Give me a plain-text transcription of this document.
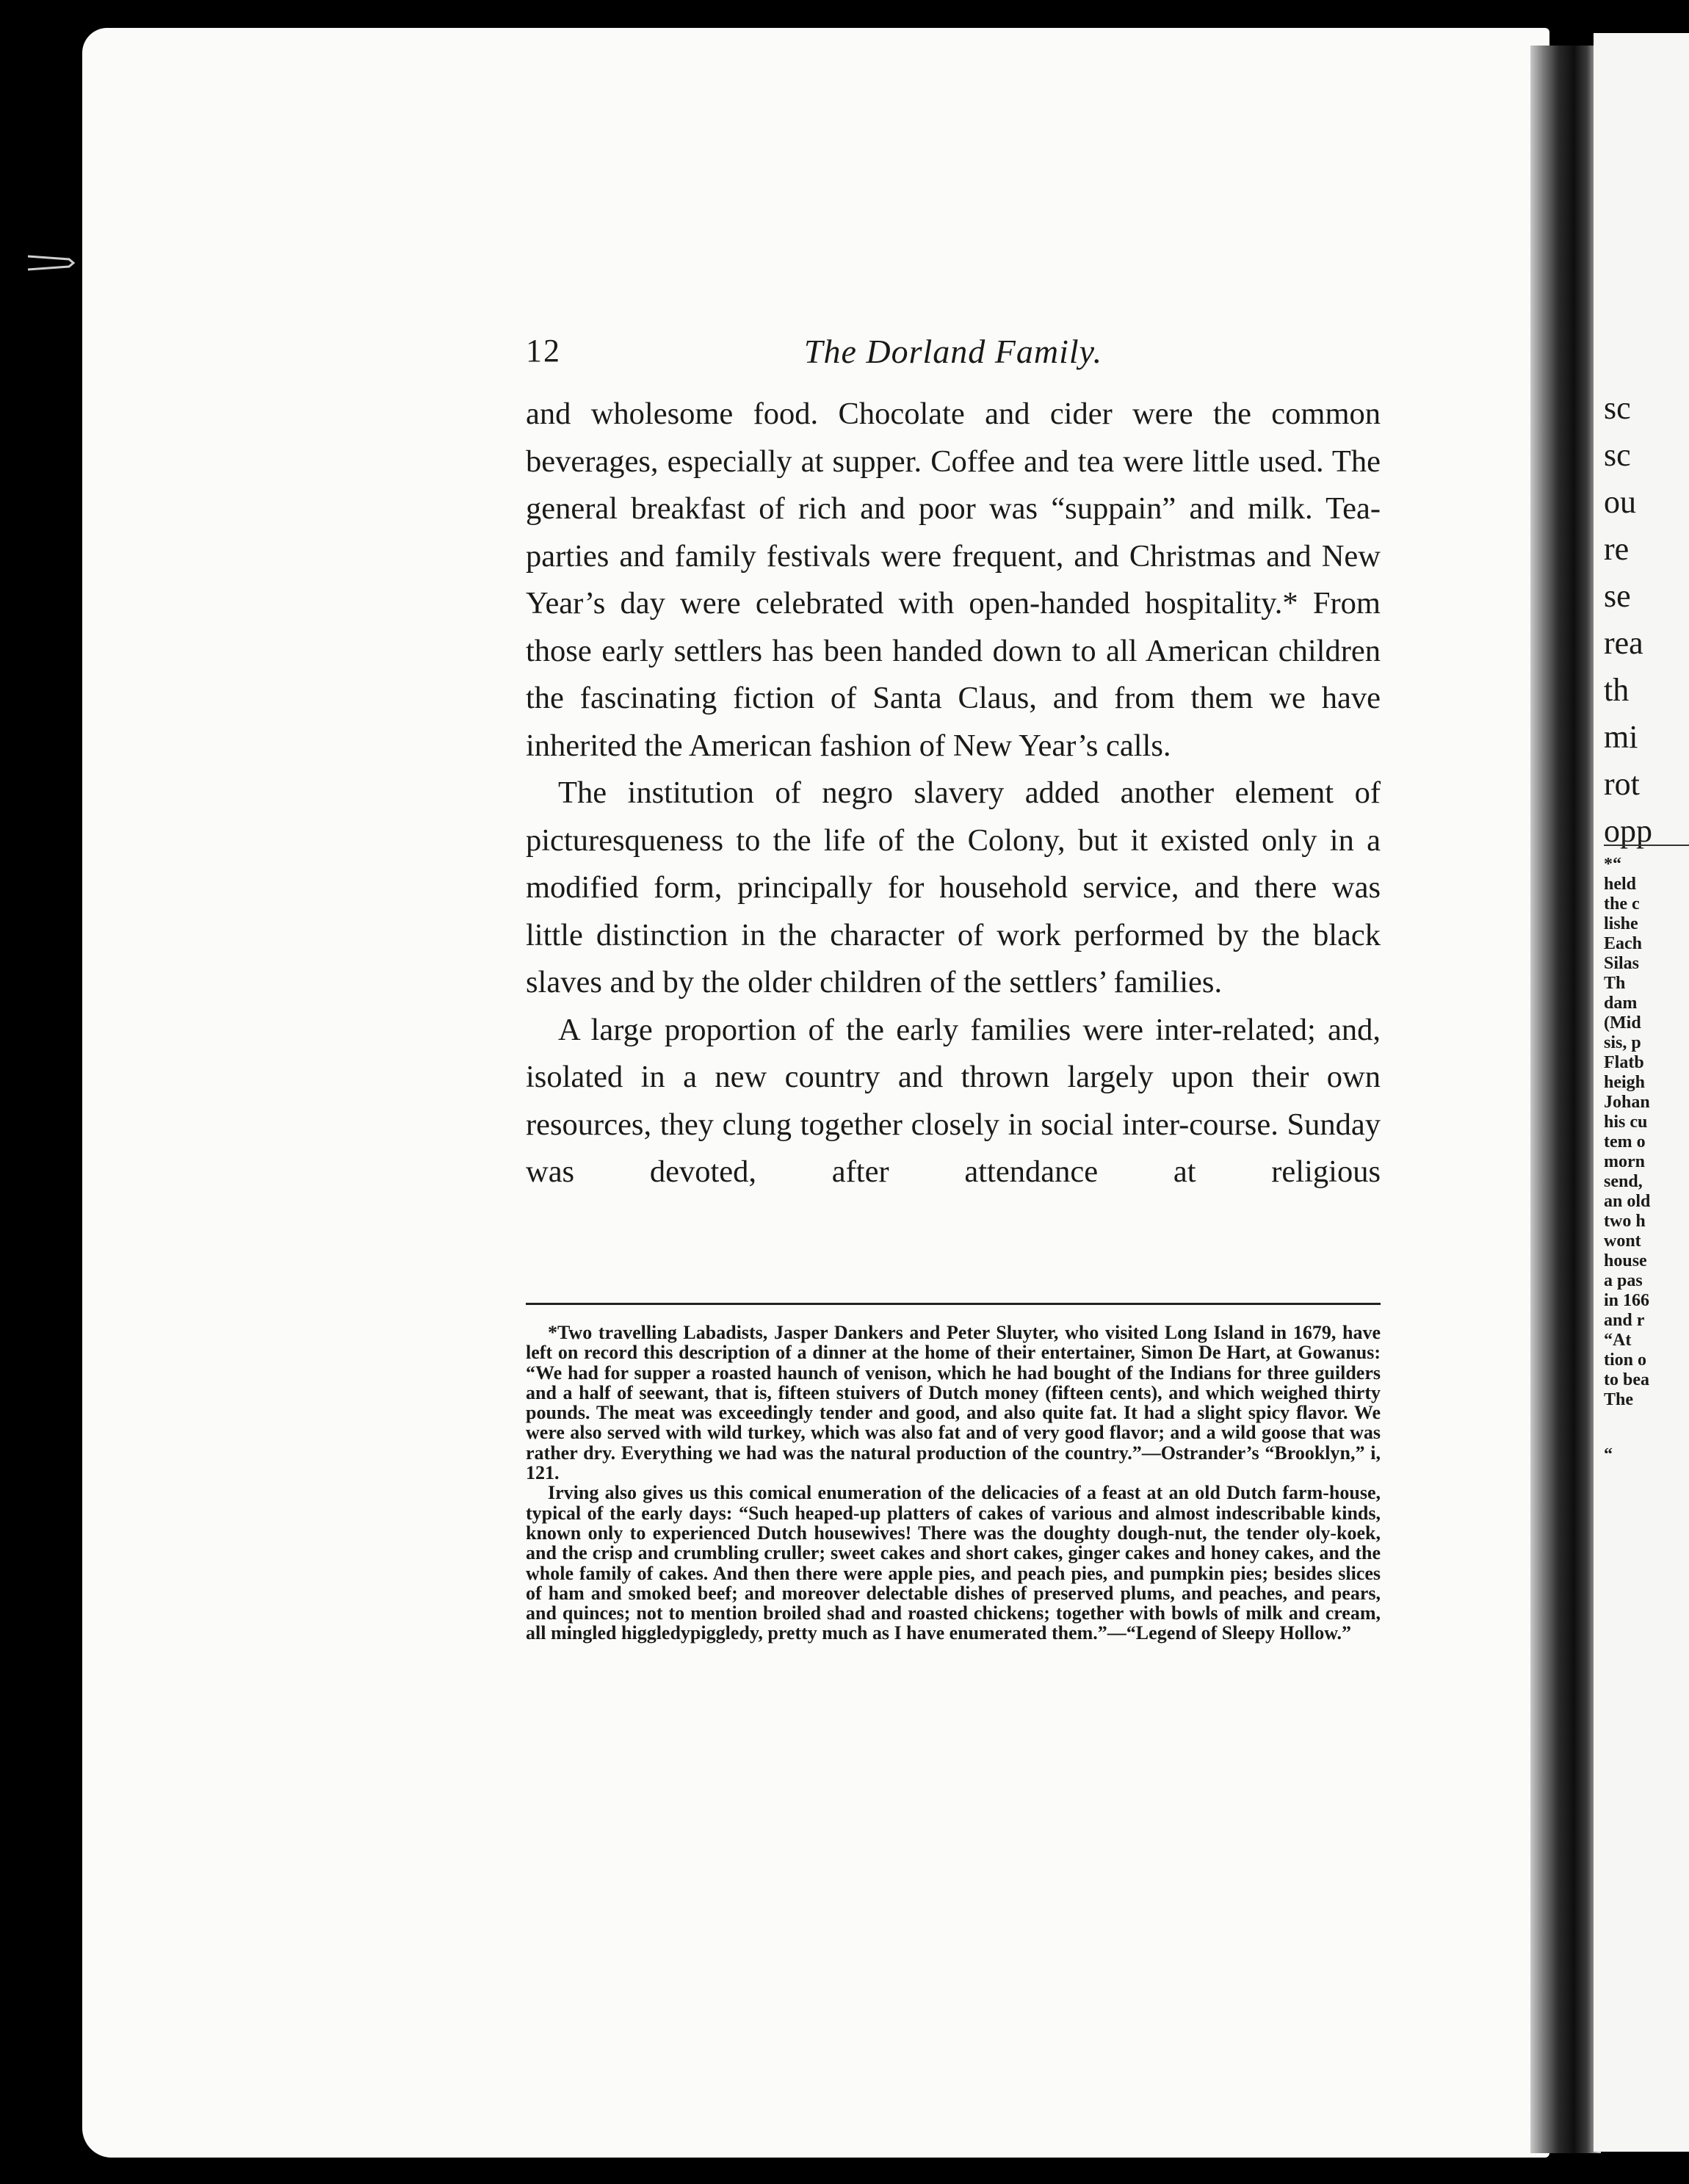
12	The Dorland Family.

and wholesome food. Chocolate and cider were the common beverages, especially at supper. Coffee and tea were little used. The general breakfast of rich and poor was “suppain” and milk. Tea-parties and family festivals were frequent, and Christmas and New Year’s day were celebrated with open-handed hospitality.* From those early settlers has been handed down to all American children the fascinating fiction of Santa Claus, and from them we have inherited the American fashion of New Year’s calls.

The institution of negro slavery added another element of picturesqueness to the life of the Colony, but it existed only in a modified form, principally for household service, and there was little distinction in the character of work performed by the black slaves and by the older children of the settlers’ families.

A large proportion of the early families were inter-related; and, isolated in a new country and thrown largely upon their own resources, they clung together closely in social inter-course. Sunday was devoted, after attendance at religious

*Two travelling Labadists, Jasper Dankers and Peter Sluyter, who visited Long Island in 1679, have left on record this description of a dinner at the home of their entertainer, Simon De Hart, at Gowanus: “We had for supper a roasted haunch of venison, which he had bought of the Indians for three guilders and a half of seewant, that is, fifteen stuivers of Dutch money (fifteen cents), and which weighed thirty pounds. The meat was exceedingly tender and good, and also quite fat. It had a slight spicy flavor. We were also served with wild turkey, which was also fat and of very good flavor; and a wild goose that was rather dry. Everything we had was the natural production of the country.”—Ostrander’s “Brooklyn,” i, 121.

Irving also gives us this comical enumeration of the delicacies of a feast at an old Dutch farm-house, typical of the early days: “Such heaped-up platters of cakes of various and almost indescribable kinds, known only to experienced Dutch housewives! There was the doughty dough-nut, the tender oly-koek, and the crisp and crumbling cruller; sweet cakes and short cakes, ginger cakes and honey cakes, and the whole family of cakes. And then there were apple pies, and peach pies, and pumpkin pies; besides slices of ham and smoked beef; and moreover delectable dishes of preserved plums, and peaches, and pears, and quinces; not to mention broiled shad and roasted chickens; together with bowls of milk and cream, all mingled higgledypiggledy, pretty much as I have enumerated them.”—“Legend of Sleepy Hollow.”

sc
sc
ou
re
se
rea
th
mi
rot
opp
*“
held
the c
lishe
Each
Silas
Th
dam
(Mid
sis, p
Flatb
heigh
Johan
his cu
tem o
morn
send,
an old
two h
wont
house
a pas
in 166
and r
“At
tion o
to bea
The
“
